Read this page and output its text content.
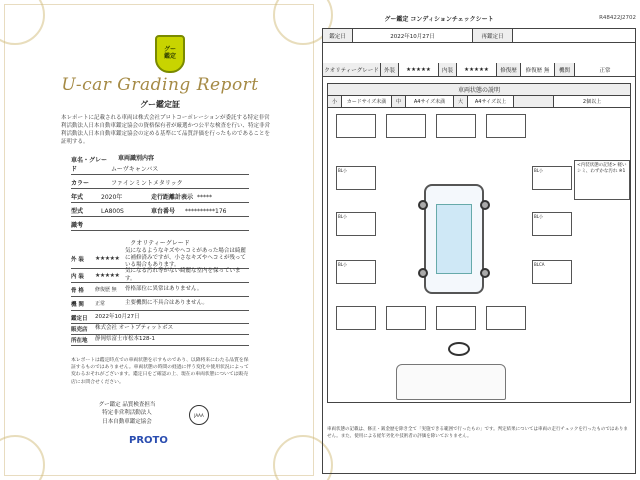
グー
鑑定
U-car Grading Report
グー鑑定証
本レポートに記載される車両は株式会社プロトコーポレーションが委託する特定非営利活動法人日本自動車鑑定協会の資格保有者が厳選かつ公平な検査を行い、特定非営利活動法人日本自動車鑑定協会の定める基準にて品質評価を行ったものであることを証明する。
車両識別内容
車名・グレード	ムーヴキャンバス
カラー	ファインミントメタリック
年式	2020年	走行距離計表示 *****
型式	LA800S	車台番号	**********176
識考
クオリティーグレード
外 装	★★★★★
気になるようなキズやヘコミがあった場合は綺麗に補修済みですが、小さなキズやヘコミが残っている場合もあります。
内 装	★★★★★
気になる汚れ等がない綺麗な室内を保っています。
骨 格	修復歴 無	骨格部位に異常はありません。
機 関	正常	主要機関に不具合はありません。
鑑定日	2022年10月27日
販売店	株式会社 オートプティットボス
所在地	静岡県富士市松本128-1
本レポートは鑑定時点での車両状態を示すものであり、以降将来にわたる品質を保証するものではありません。車両状態の時間の経過に伴う変化や使用状況によって変わるおそれがございます。鑑定日をご確認の上、現在の車両状態については販売店にお問合せください。
グー鑑定 品質検査担当
特定非営利活動法人
日本自動車鑑定協会
JAAA
PROTO
グー鑑定 コンディションチェックシート	R48422J2702
鑑定日	2022年10月27日	再鑑定日
クオリティーグレード 外装	★★★★★	内装	★★★★★	修復歴	修復歴 無	機関	正常
車両状態の説明
小	カードサイズ未満	中	A4サイズ未満	大	A4サイズ以上	2個以上
<内装状態の記述> 軽いシミ、わずかな汚れ ※1
BL小
BL小
BL小
BL小
BL小
BLCA
車両状態の記載は、修正・鈑金歴を除き全て「実施できる範囲で行ったもの」です。判定結果については車両の走行チェックを行ったものではありません。また、使用による経年劣化や技術者の評価を除いておりません。
